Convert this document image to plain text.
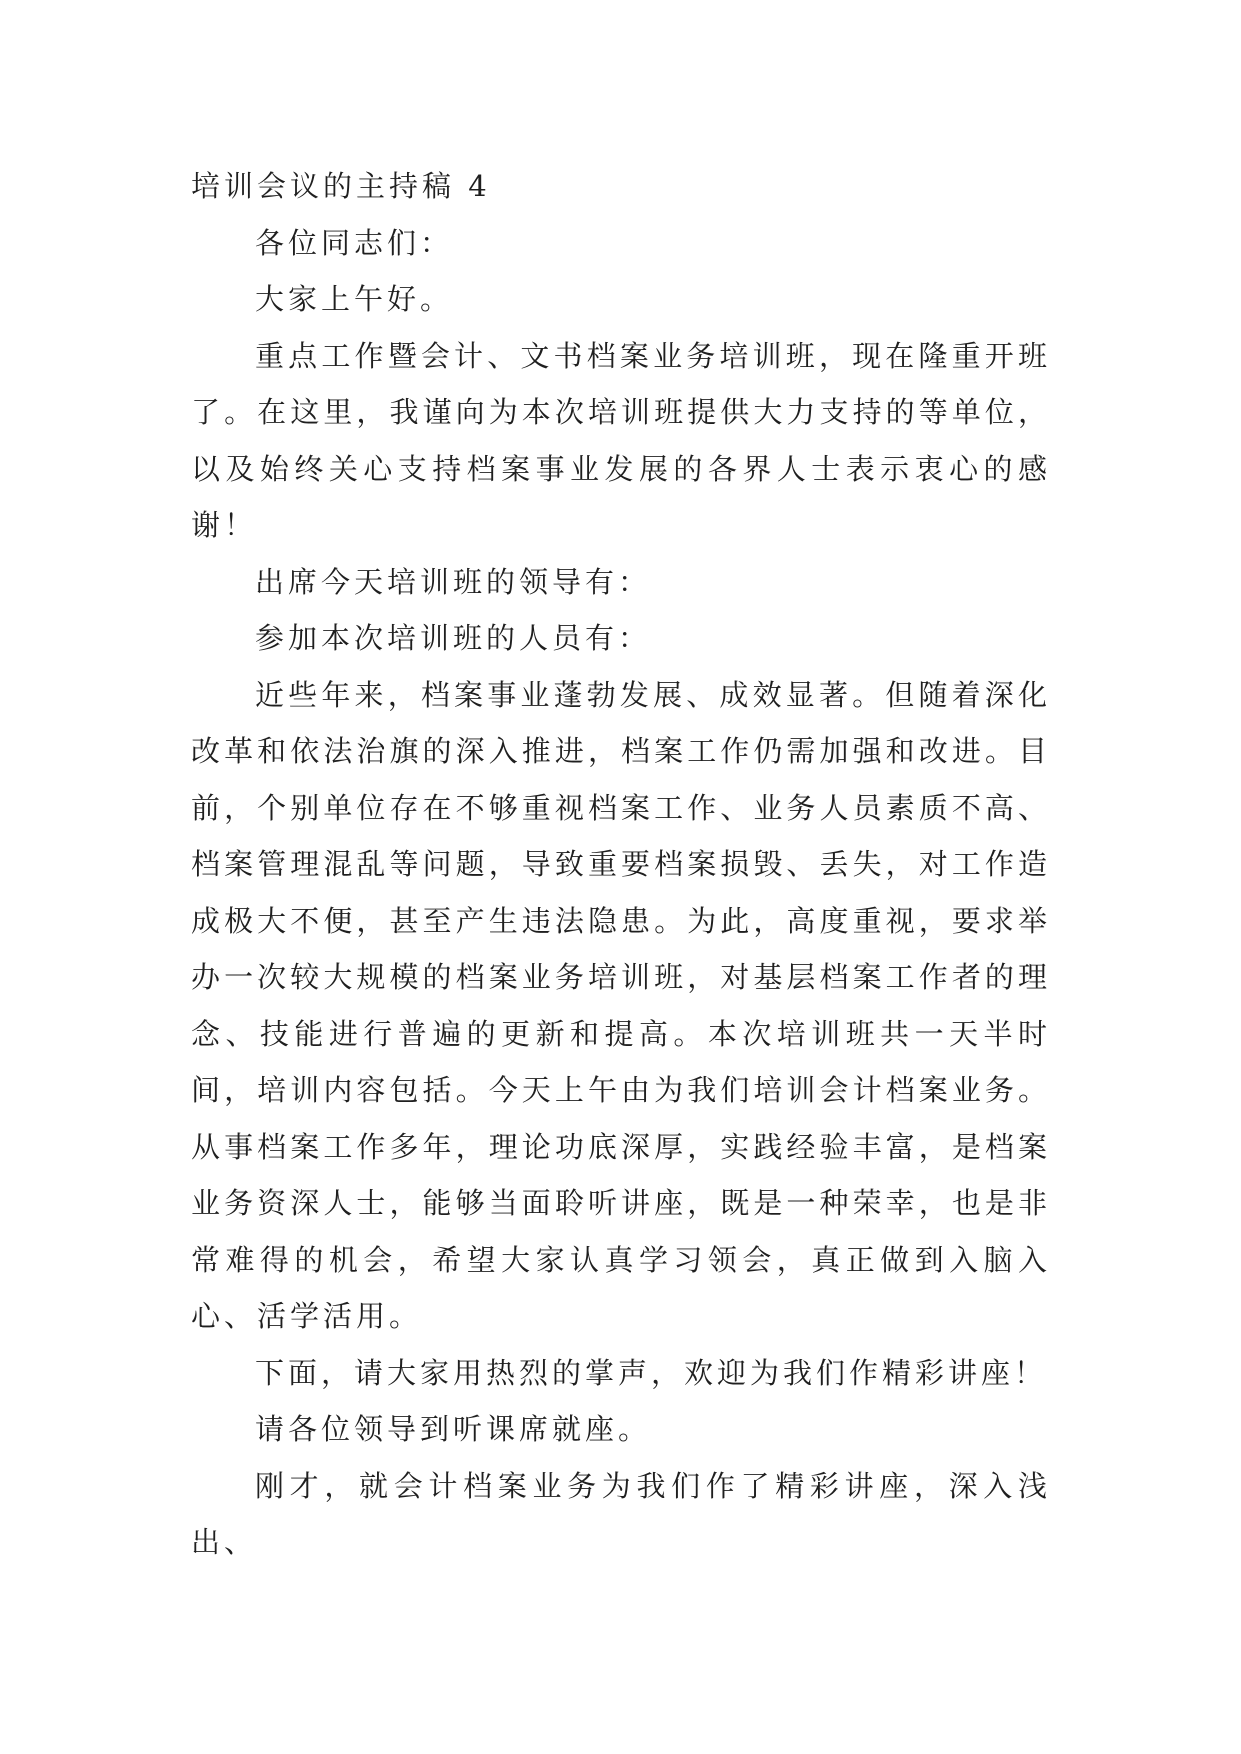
培训会议的主持稿 4

各位同志们：

大家上午好。

重点工作暨会计、文书档案业务培训班，现在隆重开班了。在这里，我谨向为本次培训班提供大力支持的等单位，以及始终关心支持档案事业发展的各界人士表示衷心的感谢！

出席今天培训班的领导有：

参加本次培训班的人员有：

近些年来，档案事业蓬勃发展、成效显著。但随着深化改革和依法治旗的深入推进，档案工作仍需加强和改进。目前，个别单位存在不够重视档案工作、业务人员素质不高、档案管理混乱等问题，导致重要档案损毁、丢失，对工作造成极大不便，甚至产生违法隐患。为此，高度重视，要求举办一次较大规模的档案业务培训班，对基层档案工作者的理念、技能进行普遍的更新和提高。本次培训班共一天半时间，培训内容包括。今天上午由为我们培训会计档案业务。从事档案工作多年，理论功底深厚，实践经验丰富，是档案业务资深人士，能够当面聆听讲座，既是一种荣幸，也是非常难得的机会，希望大家认真学习领会，真正做到入脑入心、活学活用。

下面，请大家用热烈的掌声，欢迎为我们作精彩讲座！

请各位领导到听课席就座。

刚才，就会计档案业务为我们作了精彩讲座，深入浅出、
